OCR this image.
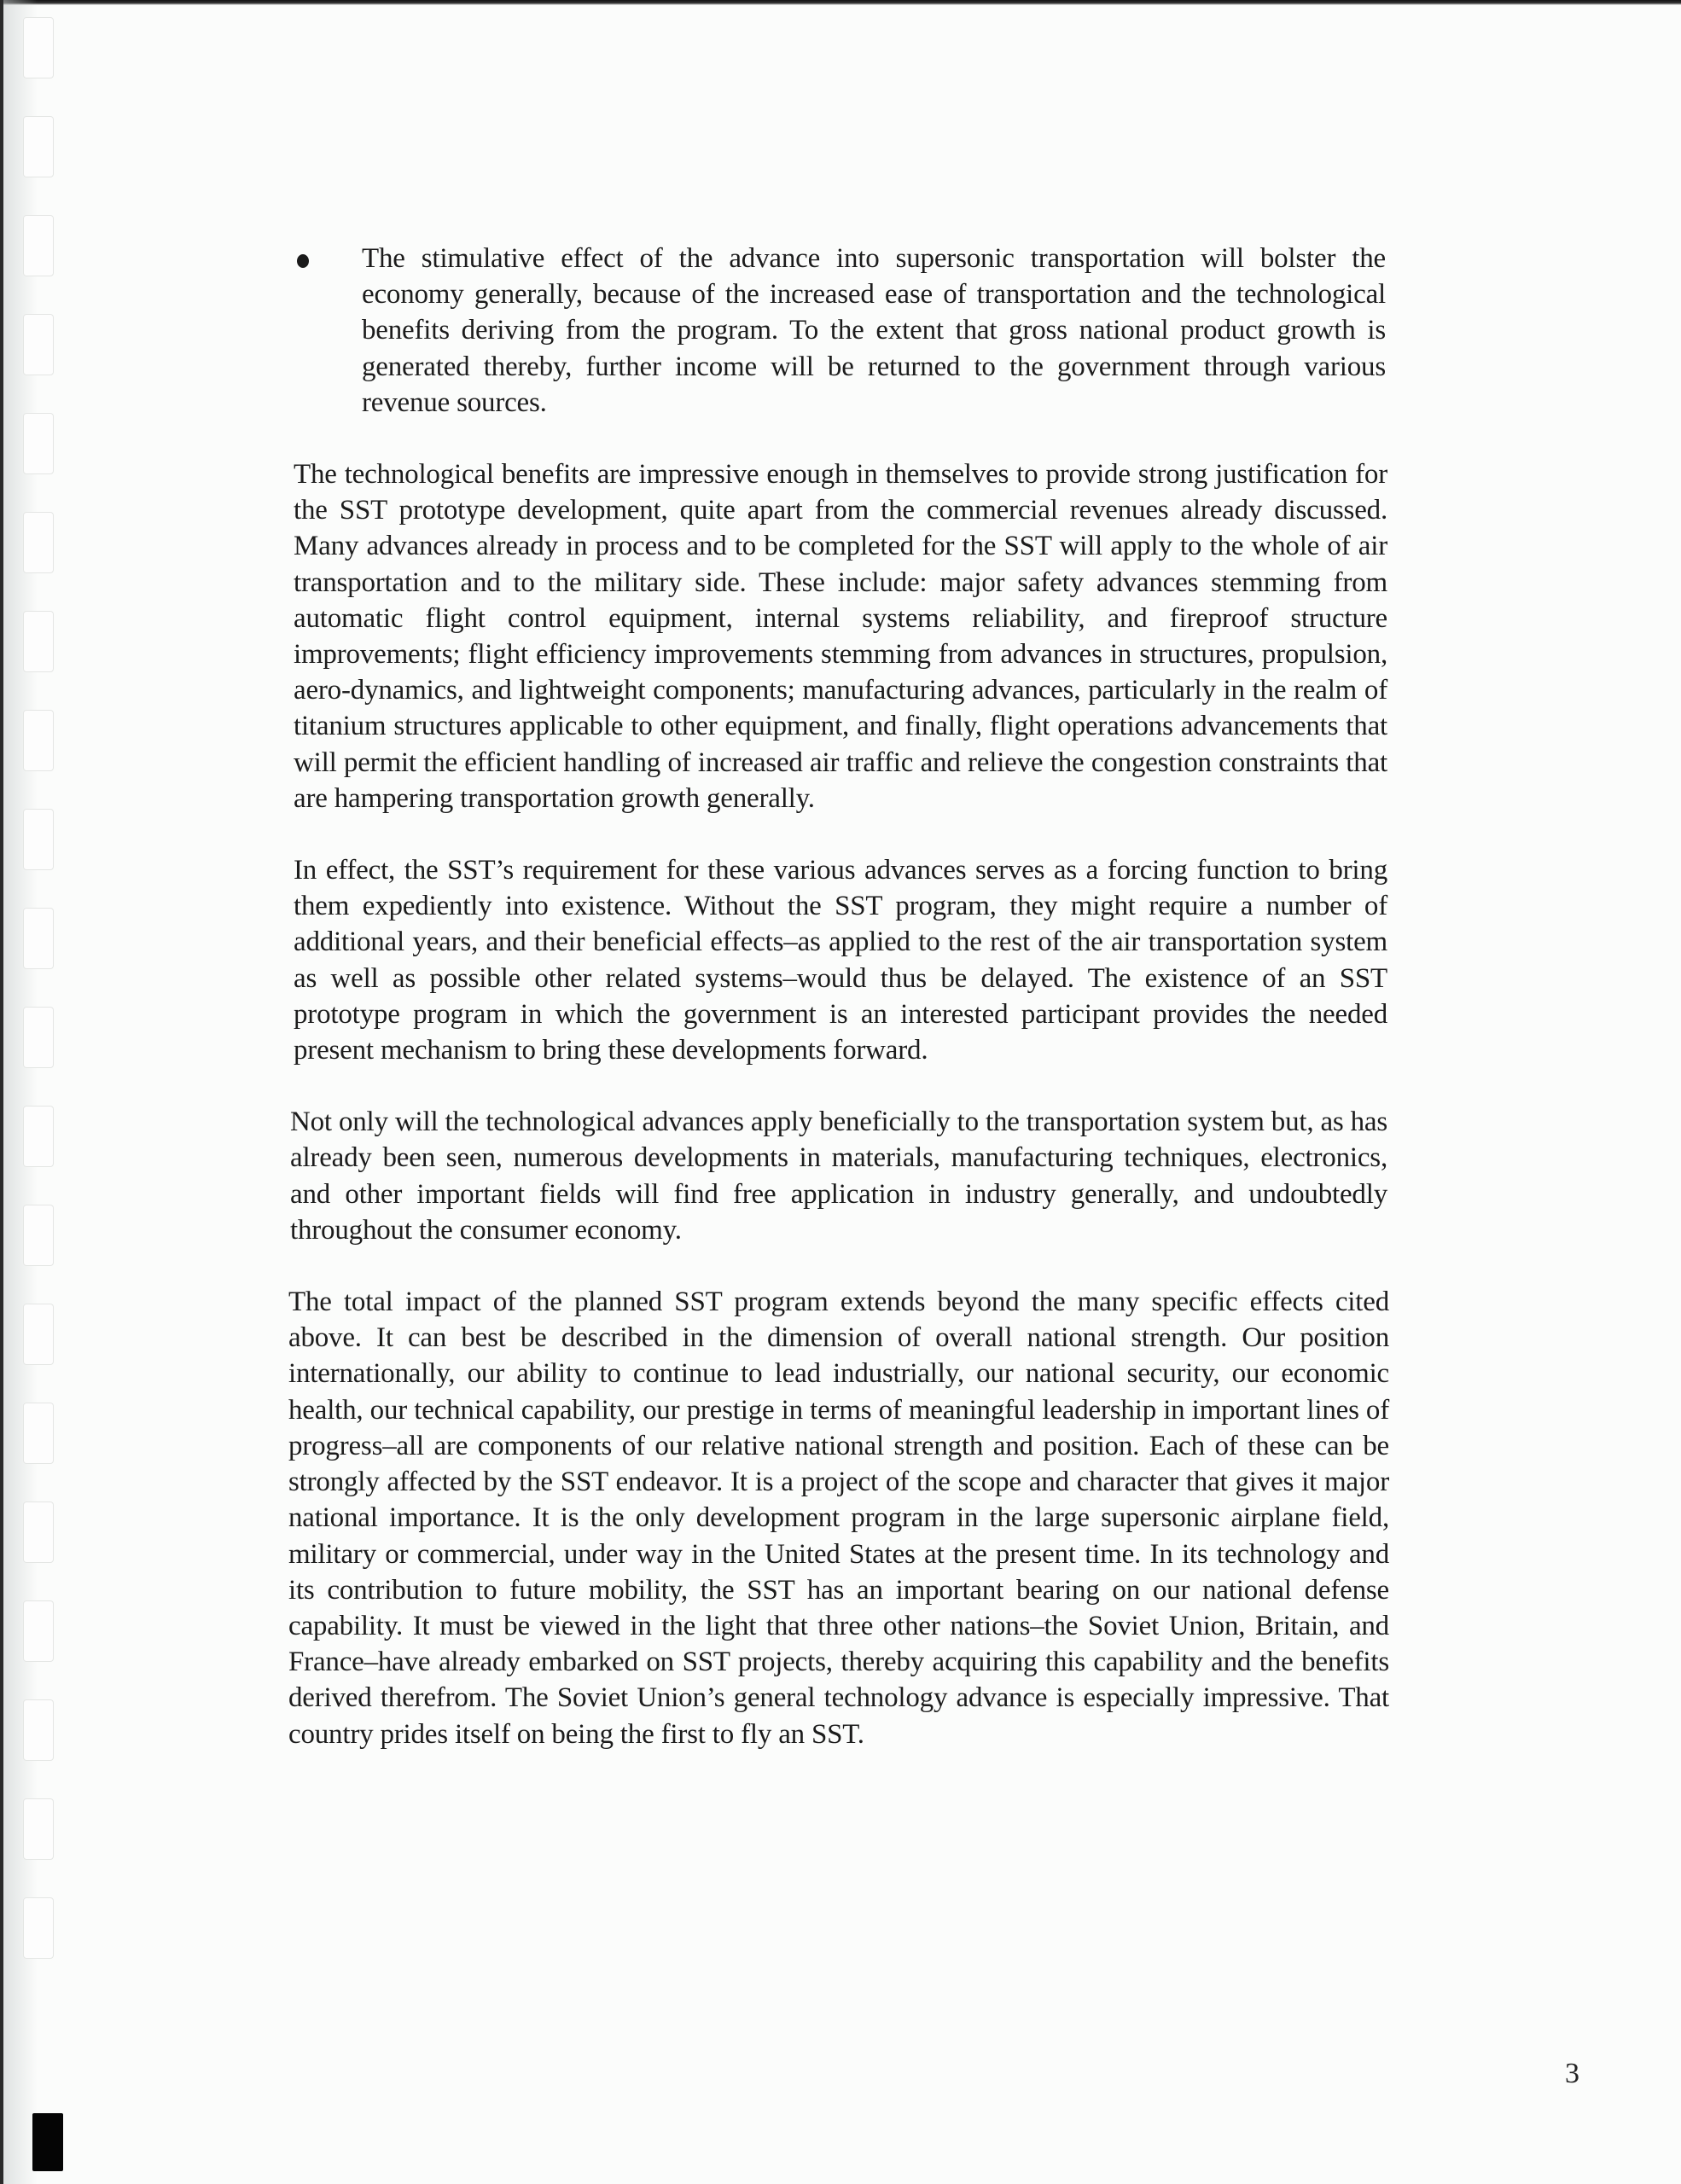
The stimulative effect of the advance into supersonic transportation will bolster the economy generally, because of the increased ease of transportation and the technological benefits deriving from the program. To the extent that gross national product growth is generated thereby, further income will be returned to the government through various revenue sources.

The technological benefits are impressive enough in themselves to provide strong justification for the SST prototype development, quite apart from the commercial revenues already discussed. Many advances already in process and to be completed for the SST will apply to the whole of air transportation and to the military side. These include: major safety advances stemming from automatic flight control equipment, internal systems reliability, and fireproof structure improvements; flight efficiency improvements stemming from advances in structures, propulsion, aero-dynamics, and lightweight components; manufacturing advances, particularly in the realm of titanium structures applicable to other equipment, and finally, flight operations advancements that will permit the efficient handling of increased air traffic and relieve the congestion constraints that are hampering transportation growth generally.

In effect, the SST’s requirement for these various advances serves as a forcing function to bring them expediently into existence. Without the SST program, they might require a number of additional years, and their beneficial effects–as applied to the rest of the air transportation system as well as possible other related systems–would thus be delayed. The existence of an SST prototype program in which the government is an interested participant provides the needed present mechanism to bring these developments forward.

Not only will the technological advances apply beneficially to the transportation system but, as has already been seen, numerous developments in materials, manufacturing techniques, electronics, and other important fields will find free application in industry generally, and undoubtedly throughout the consumer economy.

The total impact of the planned SST program extends beyond the many specific effects cited above. It can best be described in the dimension of overall national strength. Our position internationally, our ability to continue to lead industrially, our national security, our economic health, our technical capability, our prestige in terms of meaningful leadership in important lines of progress–all are components of our relative national strength and position. Each of these can be strongly affected by the SST endeavor. It is a project of the scope and character that gives it major national importance. It is the only development program in the large supersonic airplane field, military or commercial, under way in the United States at the present time. In its technology and its contribution to future mobility, the SST has an important bearing on our national defense capability. It must be viewed in the light that three other nations–the Soviet Union, Britain, and France–have already embarked on SST projects, thereby acquiring this capability and the benefits derived therefrom. The Soviet Union’s general technology advance is especially impressive. That country prides itself on being the first to fly an SST.

3
